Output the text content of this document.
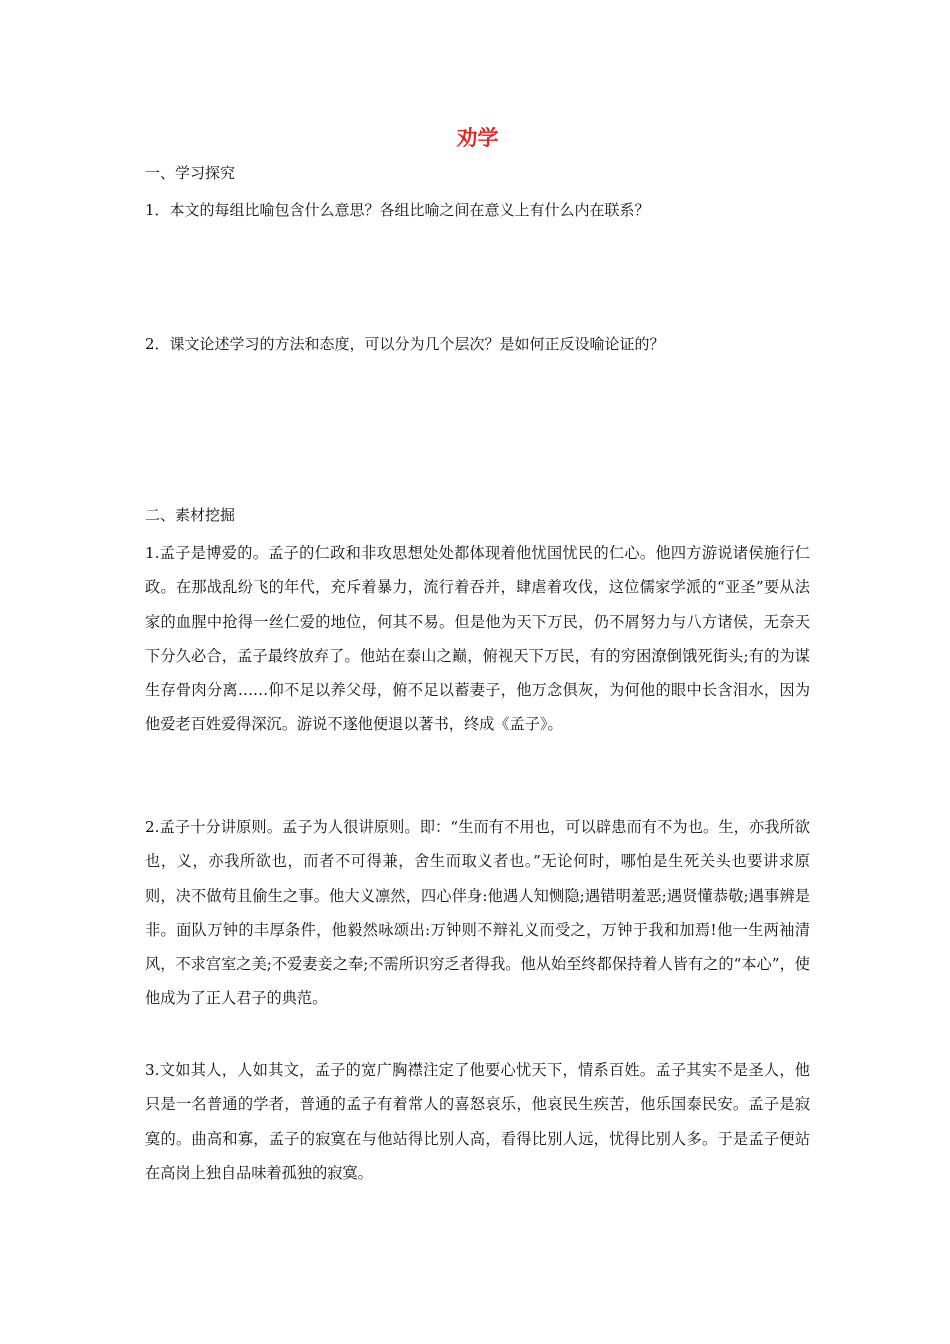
劝学
一、学习探究
1．本文的每组比喻包含什么意思？各组比喻之间在意义上有什么内在联系？
2．课文论述学习的方法和态度，可以分为几个层次？是如何正反设喻论证的？
二、素材挖掘
1.孟子是博爱的。孟子的仁政和非攻思想处处都体现着他忧国忧民的仁心。他四方游说诸侯施行仁政。在那战乱纷飞的年代，充斥着暴力，流行着吞并，肆虐着攻伐，这位儒家学派的“亚圣”要从法家的血腥中抢得一丝仁爱的地位，何其不易。但是他为天下万民，仍不屑努力与八方诸侯，无奈天下分久必合，孟子最终放弃了。他站在泰山之巅，俯视天下万民，有的穷困潦倒饿死街头;有的为谋生存骨肉分离……仰不足以养父母，俯不足以蓄妻子，他万念俱灰，为何他的眼中长含泪水，因为他爱老百姓爱得深沉。游说不遂他便退以著书，终成《孟子》。
2.孟子十分讲原则。孟子为人很讲原则。即：“生而有不用也，可以辟患而有不为也。生，亦我所欲也，义，亦我所欲也，而者不可得兼，舍生而取义者也。”无论何时，哪怕是生死关头也要讲求原则，决不做苟且偷生之事。他大义凛然，四心伴身:他遇人知恻隐;遇错明羞恶;遇贤懂恭敬;遇事辨是非。面队万钟的丰厚条件，他毅然咏颂出:万钟则不辩礼义而受之，万钟于我和加焉!他一生两袖清风，不求宫室之美;不爱妻妾之奉;不需所识穷乏者得我。他从始至终都保持着人皆有之的“本心”，使他成为了正人君子的典范。
3.文如其人，人如其文，孟子的宽广胸襟注定了他要心忧天下，情系百姓。孟子其实不是圣人，他只是一名普通的学者，普通的孟子有着常人的喜怒哀乐，他哀民生疾苦，他乐国泰民安。孟子是寂寞的。曲高和寡，孟子的寂寞在与他站得比别人高，看得比别人远，忧得比别人多。于是孟子便站在高岗上独自品味着孤独的寂寞。
